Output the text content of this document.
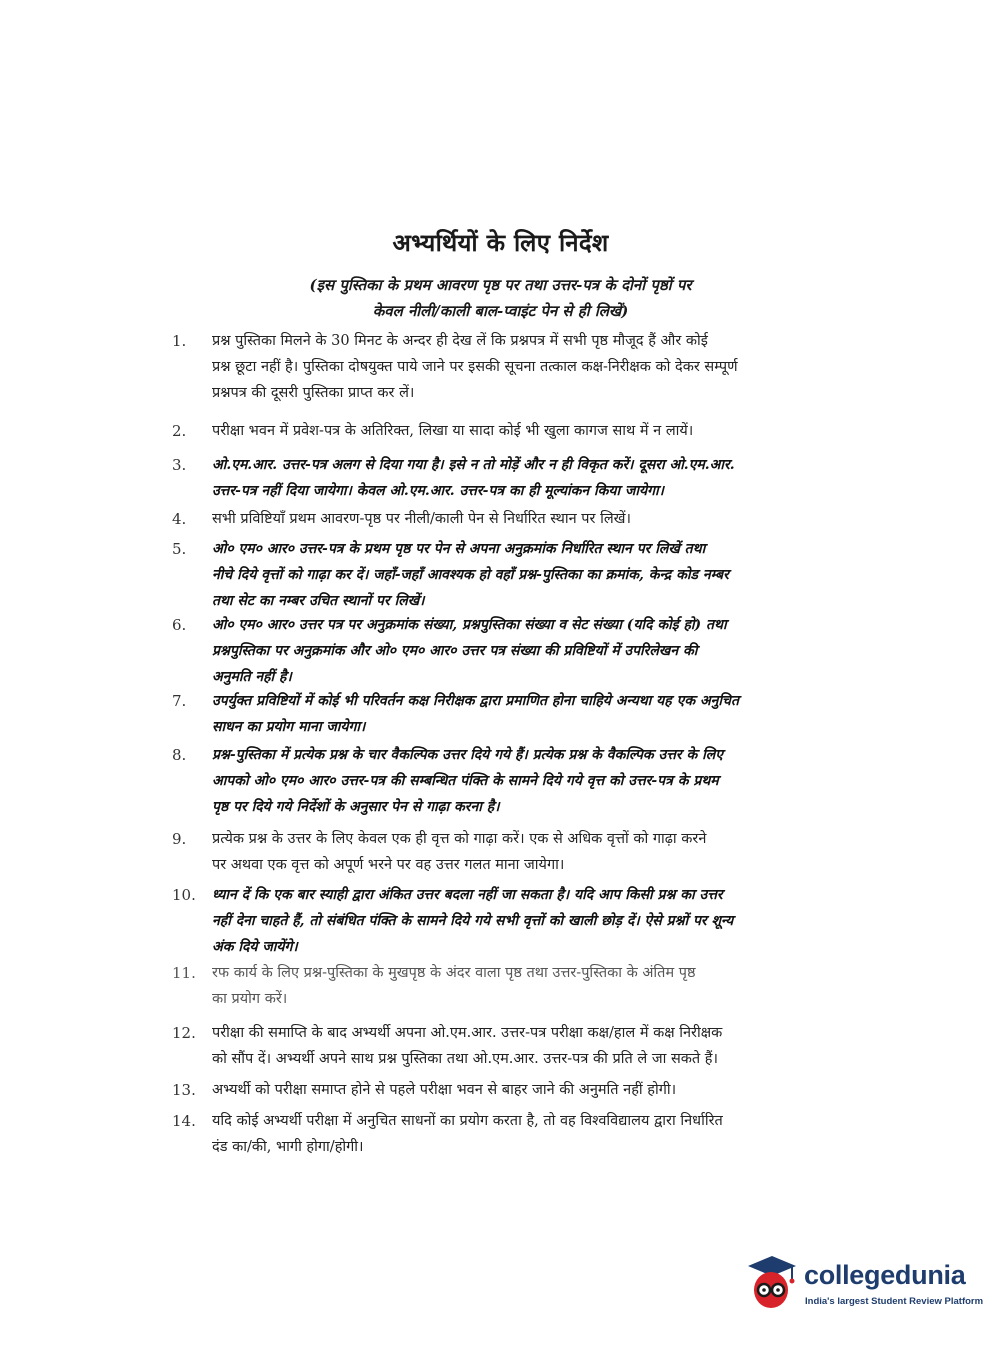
अभ्यर्थियों के लिए निर्देश
(इस पुस्तिका के प्रथम आवरण पृष्ठ पर तथा उत्तर-पत्र के दोनों पृष्ठों पर
केवल नीली/काली बाल-प्वाइंट पेन से ही लिखें)
1.	प्रश्न पुस्तिका मिलने के 30 मिनट के अन्दर ही देख लें कि प्रश्नपत्र में सभी पृष्ठ मौजूद हैं और कोई
प्रश्न छूटा नहीं है। पुस्तिका दोषयुक्त पाये जाने पर इसकी सूचना तत्काल कक्ष-निरीक्षक को देकर सम्पूर्ण
प्रश्नपत्र की दूसरी पुस्तिका प्राप्त कर लें।
2.	परीक्षा भवन में प्रवेश-पत्र के अतिरिक्त, लिखा या सादा कोई भी खुला कागज साथ में न लायें।
3.	ओ.एम.आर. उत्तर-पत्र अलग से दिया गया है। इसे न तो मोड़ें और न ही विकृत करें। दूसरा ओ.एम.आर.
उत्तर-पत्र नहीं दिया जायेगा। केवल ओ.एम.आर. उत्तर-पत्र का ही मूल्यांकन किया जायेगा।
4.	सभी प्रविष्टियाँ प्रथम आवरण-पृष्ठ पर नीली/काली पेन से निर्धारित स्थान पर लिखें।
5.	ओ० एम० आर० उत्तर-पत्र के प्रथम पृष्ठ पर पेन से अपना अनुक्रमांक निर्धारित स्थान पर लिखें तथा
नीचे दिये वृत्तों को गाढ़ा कर दें। जहाँ-जहाँ आवश्यक हो वहाँ प्रश्न-पुस्तिका का क्रमांक, केन्द्र कोड नम्बर
तथा सेट का नम्बर उचित स्थानों पर लिखें।
6.	ओ० एम० आर० उत्तर पत्र पर अनुक्रमांक संख्या, प्रश्नपुस्तिका संख्या व सेट संख्या (यदि कोई हो) तथा
प्रश्नपुस्तिका पर अनुक्रमांक और ओ० एम० आर० उत्तर पत्र संख्या की प्रविष्टियों में उपरिलेखन की
अनुमति नहीं है।
7.	उपर्युक्त प्रविष्टियों में कोई भी परिवर्तन कक्ष निरीक्षक द्वारा प्रमाणित होना चाहिये अन्यथा यह एक अनुचित
साधन का प्रयोग माना जायेगा।
8.	प्रश्न-पुस्तिका में प्रत्येक प्रश्न के चार वैकल्पिक उत्तर दिये गये हैं। प्रत्येक प्रश्न के वैकल्पिक उत्तर के लिए
आपको ओ० एम० आर० उत्तर-पत्र की सम्बन्धित पंक्ति के सामने दिये गये वृत्त को उत्तर-पत्र के प्रथम
पृष्ठ पर दिये गये निर्देशों के अनुसार पेन से गाढ़ा करना है।
9.	प्रत्येक प्रश्न के उत्तर के लिए केवल एक ही वृत्त को गाढ़ा करें। एक से अधिक वृत्तों को गाढ़ा करने
पर अथवा एक वृत्त को अपूर्ण भरने पर वह उत्तर गलत माना जायेगा।
10.	ध्यान दें कि एक बार स्याही द्वारा अंकित उत्तर बदला नहीं जा सकता है। यदि आप किसी प्रश्न का उत्तर
नहीं देना चाहते हैं, तो संबंधित पंक्ति के सामने दिये गये सभी वृत्तों को खाली छोड़ दें। ऐसे प्रश्नों पर शून्य
अंक दिये जायेंगे।
11.	रफ कार्य के लिए प्रश्न-पुस्तिका के मुखपृष्ठ के अंदर वाला पृष्ठ तथा उत्तर-पुस्तिका के अंतिम पृष्ठ
का प्रयोग करें।
12.	परीक्षा की समाप्ति के बाद अभ्यर्थी अपना ओ.एम.आर. उत्तर-पत्र परीक्षा कक्ष/हाल में कक्ष निरीक्षक
को सौंप दें। अभ्यर्थी अपने साथ प्रश्न पुस्तिका तथा ओ.एम.आर. उत्तर-पत्र की प्रति ले जा सकते हैं।
13.	अभ्यर्थी को परीक्षा समाप्त होने से पहले परीक्षा भवन से बाहर जाने की अनुमति नहीं होगी।
14.	यदि कोई अभ्यर्थी परीक्षा में अनुचित साधनों का प्रयोग करता है, तो वह विश्वविद्यालय द्वारा निर्धारित
दंड का/की, भागी होगा/होगी।
collegedunia
India's largest Student Review Platform
